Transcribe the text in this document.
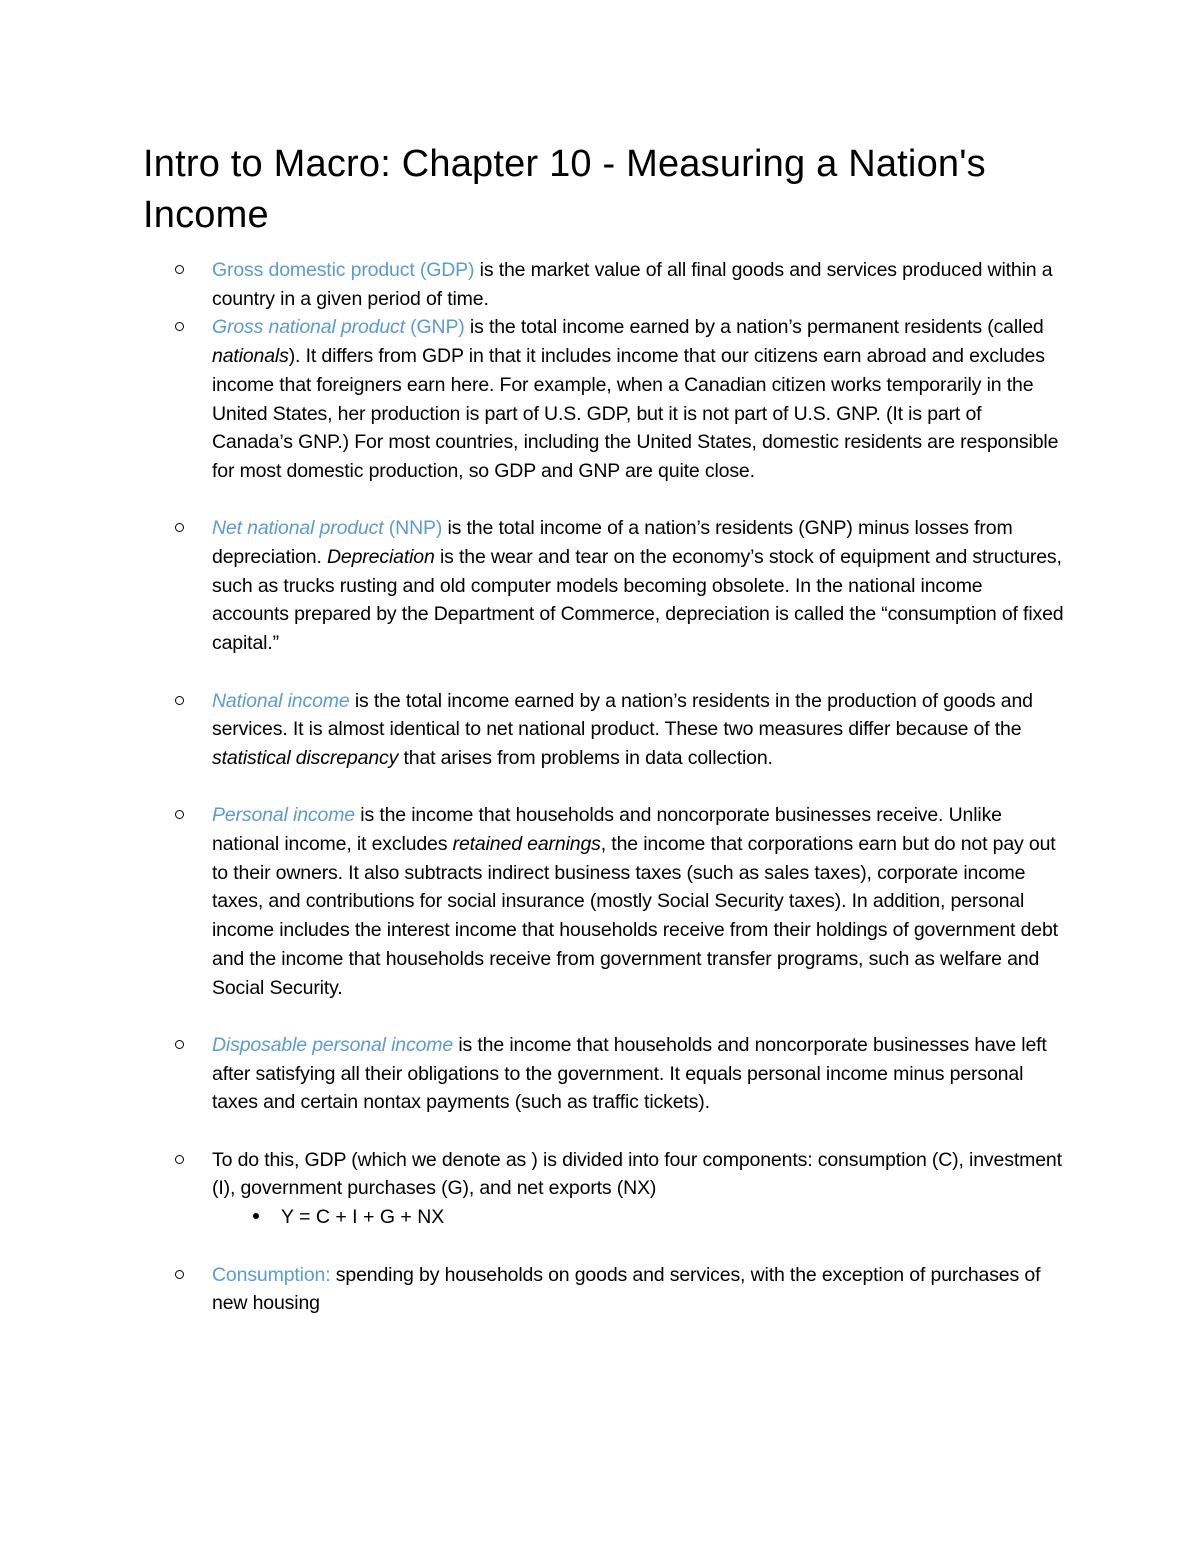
Intro to Macro: Chapter 10 - Measuring a Nation's Income
Gross domestic product (GDP) is the market value of all final goods and services produced within a country in a given period of time.
Gross national product (GNP) is the total income earned by a nation’s permanent residents (called nationals). It differs from GDP in that it includes income that our citizens earn abroad and excludes income that foreigners earn here. For example, when a Canadian citizen works temporarily in the United States, her production is part of U.S. GDP, but it is not part of U.S. GNP. (It is part of Canada’s GNP.) For most countries, including the United States, domestic residents are responsible for most domestic production, so GDP and GNP are quite close.
Net national product (NNP) is the total income of a nation’s residents (GNP) minus losses from depreciation. Depreciation is the wear and tear on the economy’s stock of equipment and structures, such as trucks rusting and old computer models becoming obsolete. In the national income accounts prepared by the Department of Commerce, depreciation is called the “consumption of fixed capital.”
National income is the total income earned by a nation’s residents in the production of goods and services. It is almost identical to net national product. These two measures differ because of the statistical discrepancy that arises from problems in data collection.
Personal income is the income that households and noncorporate businesses receive. Unlike national income, it excludes retained earnings, the income that corporations earn but do not pay out to their owners. It also subtracts indirect business taxes (such as sales taxes), corporate income taxes, and contributions for social insurance (mostly Social Security taxes). In addition, personal income includes the interest income that households receive from their holdings of government debt and the income that households receive from government transfer programs, such as welfare and Social Security.
Disposable personal income is the income that households and noncorporate businesses have left after satisfying all their obligations to the government. It equals personal income minus personal taxes and certain nontax payments (such as traffic tickets).
To do this, GDP (which we denote as ) is divided into four components: consumption (C), investment (I), government purchases (G), and net exports (NX)
Y = C + I + G + NX
Consumption: spending by households on goods and services, with the exception of purchases of new housing
